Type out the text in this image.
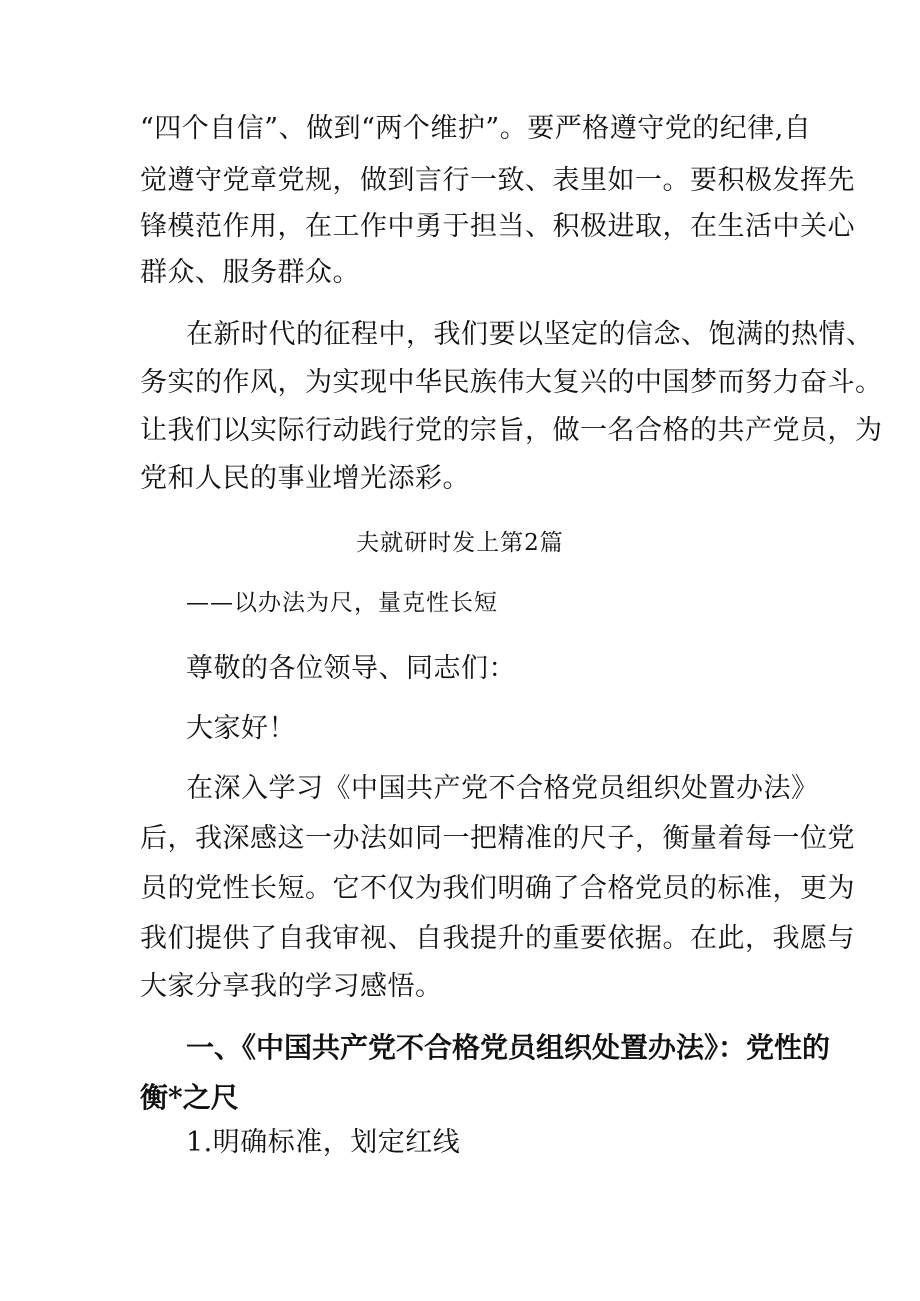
“四个自信”、做到“两个维护”。要严格遵守党的纪律,自
觉遵守党章党规，做到言行一致、表里如一。要积极发挥先
锋模范作用，在工作中勇于担当、积极进取，在生活中关心
群众、服务群众。
在新时代的征程中，我们要以坚定的信念、饱满的热情、
务实的作风，为实现中华民族伟大复兴的中国梦而努力奋斗。
让我们以实际行动践行党的宗旨，做一名合格的共产党员，为
党和人民的事业增光添彩。
夫就研时发上第2篇
——以办法为尺，量克性长短
尊敬的各位领导、同志们：
大家好！
在深入学习《中国共产党不合格党员组织处置办法》
后，我深感这一办法如同一把精准的尺子，衡量着每一位党
员的党性长短。它不仅为我们明确了合格党员的标准，更为
我们提供了自我审视、自我提升的重要依据。在此，我愿与
大家分享我的学习感悟。
一、《中国共产党不合格党员组织处置办法》：党性的
衡*之尺
1.明确标准，划定红线
